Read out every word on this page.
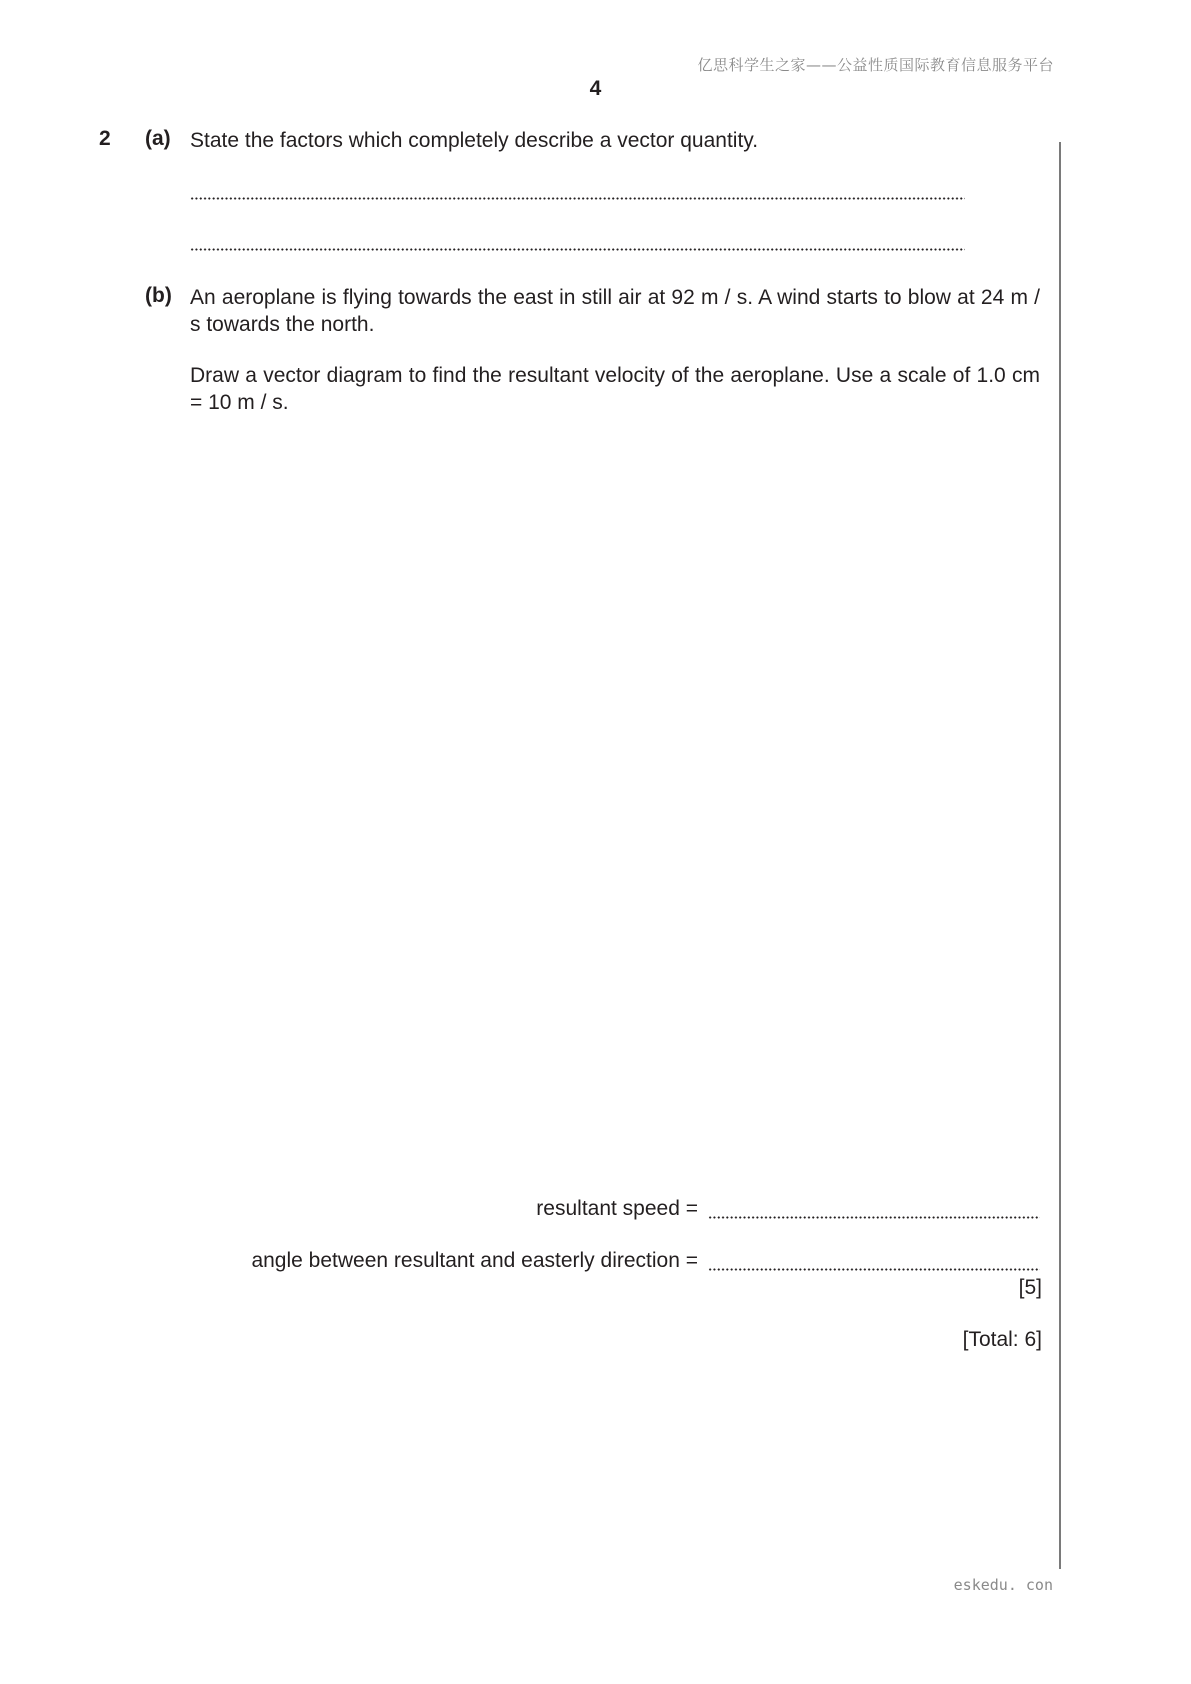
亿思科学生之家——公益性质国际教育信息服务平台
4
2 (a) State the factors which completely describe a vector quantity.
(b) An aeroplane is flying towards the east in still air at 92 m / s. A wind starts to blow at 24 m / s towards the north.
Draw a vector diagram to find the resultant velocity of the aeroplane. Use a scale of 1.0 cm = 10 m / s.
resultant speed =
angle between resultant and easterly direction =
[5]
[Total: 6]
eskedu. con
